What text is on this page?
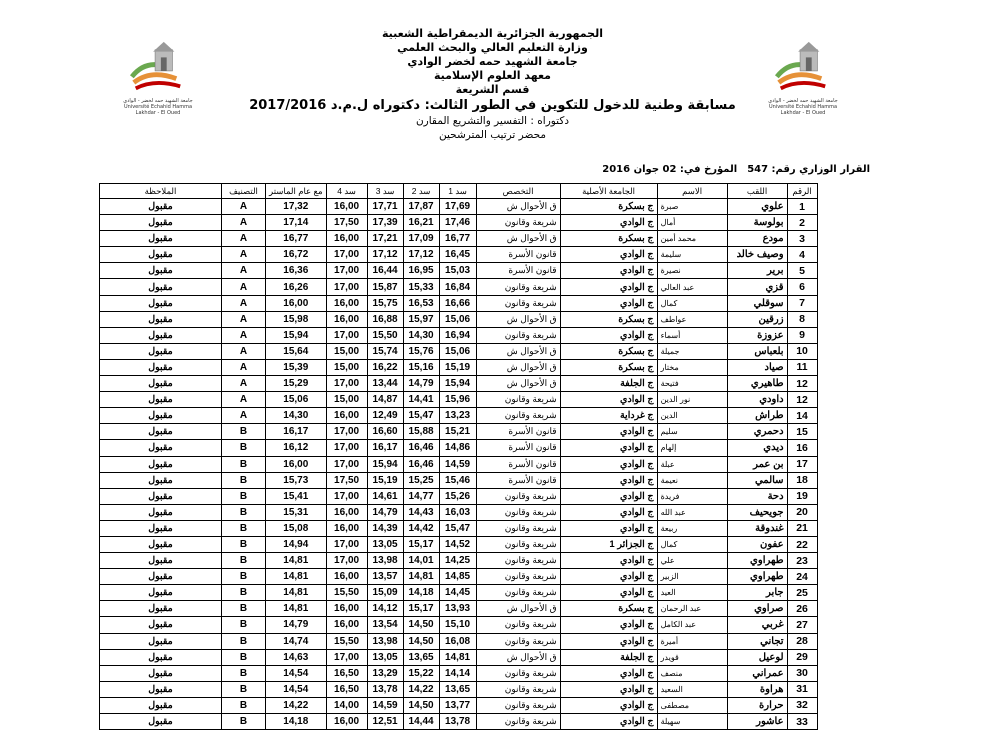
جامعة الشهيد حمه لخضر - الوادي
Université Echahid Hamma Lakhdar - El Oued
جامعة الشهيد حمه لخضر - الوادي
Université Echahid Hamma Lakhdar - El Oued
الجمهورية الجزائرية الديمقراطية الشعبية
وزارة التعليم العالي والبحث العلمي
جامعة الشهيد حمه لخضر الوادي
معهد العلوم الإسلامية
قسم الشريعة
مسابقة وطنية للدخول للتكوين في الطور الثالث: دكتوراه ل.م.د 2017/2016
دكتوراه : التفسير والتشريع المقارن
محضر ترتيب المترشحين
القرار الوزاري رقم: 547المؤرخ في: 02 جوان 2016
الرقم	اللقب	الاسم	الجامعة الأصلية	التخصص	سد 1	سد 2	سد 3	سد 4	مع عام الماستر	التصنيف	الملاحظة
1	علوي	صبرة	ج بسكرة	ق الأحوال ش	17,69	17,87	17,71	16,00	17,32	A	مقبول
2	بولوسة	أمال	ج الوادي	شريعة وقانون	17,46	16,21	17,39	17,50	17,14	A	مقبول
3	مودع	محمد أمين	ج بسكرة	ق الأحوال ش	16,77	17,09	17,21	16,00	16,77	A	مقبول
4	وصيف خالد	سليمة	ج الوادي	قانون الأسرة	16,45	17,12	17,12	17,00	16,72	A	مقبول
5	برير	نصيرة	ج الوادي	قانون الأسرة	15,03	16,95	16,44	17,00	16,36	A	مقبول
6	قزي	عبد العالي	ج الوادي	شريعة وقانون	16,84	15,33	15,87	17,00	16,26	A	مقبول
7	سوقلي	كمال	ج الوادي	شريعة وقانون	16,66	16,53	15,75	16,00	16,00	A	مقبول
8	زرقين	عواطف	ج بسكرة	ق الأحوال ش	15,06	15,97	16,88	16,00	15,98	A	مقبول
9	عزوزة	أسماء	ج الوادي	شريعة وقانون	16,94	14,30	15,50	17,00	15,94	A	مقبول
10	بلعباس	جميلة	ج بسكرة	ق الأحوال ش	15,06	15,76	15,74	15,00	15,64	A	مقبول
11	صياد	مختار	ج بسكرة	ق الأحوال ش	15,19	15,16	16,22	15,00	15,39	A	مقبول
12	طاهيري	فتيحة	ج الجلفة	ق الأحوال ش	15,94	14,79	13,44	17,00	15,29	A	مقبول
12	داودي	نور الدين	ج الوادي	شريعة وقانون	15,96	14,41	14,87	15,00	15,06	A	مقبول
14	طراش	الدين	ج غرداية	شريعة وقانون	13,23	15,47	12,49	16,00	14,30	A	مقبول
15	دحمري	سليم	ج الوادي	قانون الأسرة	15,21	15,88	16,60	17,00	16,17	B	مقبول
16	ديدي	إلهام	ج الوادي	قانون الأسرة	14,86	16,46	16,17	17,00	16,12	B	مقبول
17	بن عمر	عبلة	ج الوادي	قانون الأسرة	14,59	16,46	15,94	17,00	16,00	B	مقبول
18	سالمي	نعيمة	ج الوادي	قانون الأسرة	15,46	15,25	15,19	17,50	15,73	B	مقبول
19	دحة	فريدة	ج الوادي	شريعة وقانون	15,26	14,77	14,61	17,00	15,41	B	مقبول
20	جويحيف	عبد الله	ج الوادي	شريعة وقانون	16,03	14,43	14,79	16,00	15,31	B	مقبول
21	غندوقة	ربيعة	ج الوادي	شريعة وقانون	15,47	14,42	14,39	16,00	15,08	B	مقبول
22	عفون	كمال	ج الجزائر 1	شريعة وقانون	14,52	15,17	13,05	17,00	14,94	B	مقبول
23	طهراوي	علي	ج الوادي	شريعة وقانون	14,25	14,01	13,98	17,00	14,81	B	مقبول
24	طهراوي	الزبير	ج الوادي	شريعة وقانون	14,85	14,81	13,57	16,00	14,81	B	مقبول
25	جابر	العيد	ج الوادي	شريعة وقانون	14,45	14,18	15,09	15,50	14,81	B	مقبول
26	صراوي	عبد الرحمان	ج بسكرة	ق الأحوال ش	13,93	15,17	14,12	16,00	14,81	B	مقبول
27	غربي	عبد الكامل	ج الوادي	شريعة وقانون	15,10	14,50	13,54	16,00	14,79	B	مقبول
28	تجاني	أميرة	ج الوادي	شريعة وقانون	16,08	14,50	13,98	15,50	14,74	B	مقبول
29	لوعيل	قويدر	ج الجلفة	ق الأحوال ش	14,81	13,65	13,05	17,00	14,63	B	مقبول
30	عمراني	منصف	ج الوادي	شريعة وقانون	14,14	15,22	13,29	16,50	14,54	B	مقبول
31	هراوة	السعيد	ج الوادي	شريعة وقانون	13,65	14,22	13,78	16,50	14,54	B	مقبول
32	حرارة	مصطفى	ج الوادي	شريعة وقانون	13,77	14,50	14,59	14,00	14,22	B	مقبول
33	عاشور	سهيلة	ج الوادي	شريعة وقانون	13,78	14,44	12,51	16,00	14,18	B	مقبول
